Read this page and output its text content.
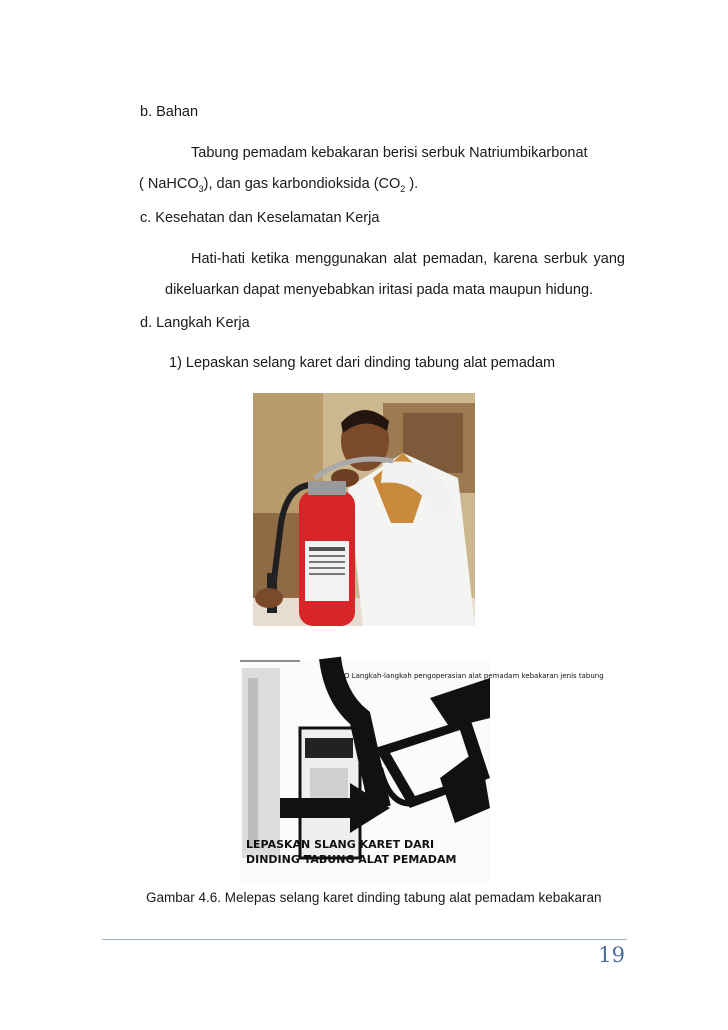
b. Bahan
Tabung pemadam kebakaran berisi serbuk Natriumbikarbonat
( NaHCO$_3$), dan gas karbondioksida ($CO_2$ ).
c. Kesehatan dan Keselamatan Kerja
Hati-hati ketika menggunakan alat pemadan, karena serbuk yang dikeluarkan dapat menyebabkan iritasi pada mata maupun hidung.
d. Langkah Kerja
1) Lepaskan selang karet dari dinding tabung alat pemadam
O Langkah-langkah pengoperasian alat pemadam kebakaran jenis tabung
LEPASKAN SLANG KARET DARI
DINDING TABUNG ALAT PEMADAM
Gambar 4.6. Melepas selang karet dinding tabung alat pemadam kebakaran
19
